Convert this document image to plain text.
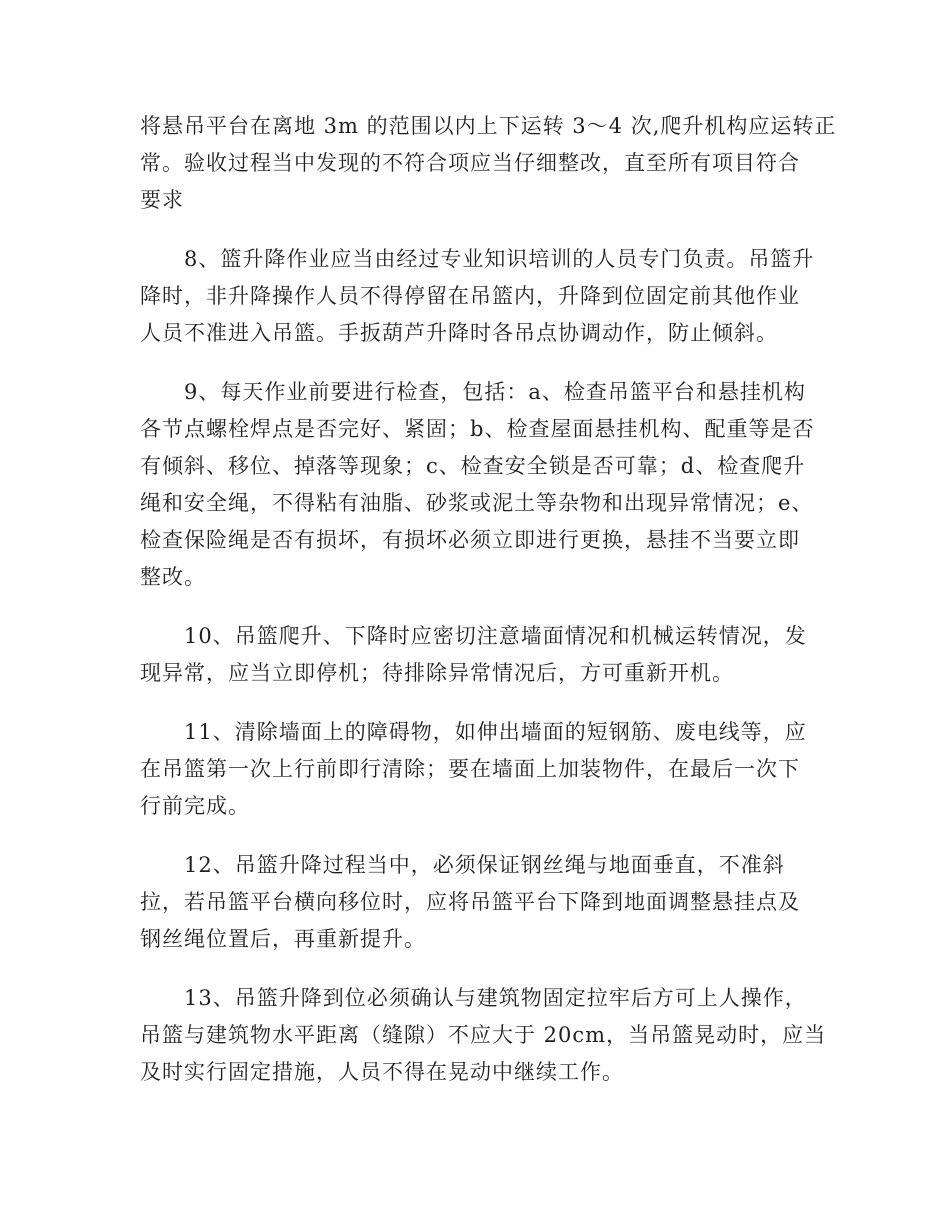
将悬吊平台在离地 3m 的范围以内上下运转 3～4 次,爬升机构应运转正
常。验收过程当中发现的不符合项应当仔细整改，直至所有项目符合
要求

8、篮升降作业应当由经过专业知识培训的人员专门负责。吊篮升
降时，非升降操作人员不得停留在吊篮内，升降到位固定前其他作业
人员不准进入吊篮。手扳葫芦升降时各吊点协调动作，防止倾斜。

9、每天作业前要进行检查，包括：a、检查吊篮平台和悬挂机构
各节点螺栓焊点是否完好、紧固；b、检查屋面悬挂机构、配重等是否
有倾斜、移位、掉落等现象；c、检查安全锁是否可靠；d、检查爬升
绳和安全绳，不得粘有油脂、砂浆或泥土等杂物和出现异常情况；e、
检查保险绳是否有损坏，有损坏必须立即进行更换，悬挂不当要立即
整改。

10、吊篮爬升、下降时应密切注意墙面情况和机械运转情况，发
现异常，应当立即停机；待排除异常情况后，方可重新开机。

11、清除墙面上的障碍物，如伸出墙面的短钢筋、废电线等，应
在吊篮第一次上行前即行清除；要在墙面上加装物件，在最后一次下
行前完成。

12、吊篮升降过程当中，必须保证钢丝绳与地面垂直，不准斜
拉，若吊篮平台横向移位时，应将吊篮平台下降到地面调整悬挂点及
钢丝绳位置后，再重新提升。

13、吊篮升降到位必须确认与建筑物固定拉牢后方可上人操作，
吊篮与建筑物水平距离（缝隙）不应大于 20cm，当吊篮晃动时，应当
及时实行固定措施，人员不得在晃动中继续工作。
